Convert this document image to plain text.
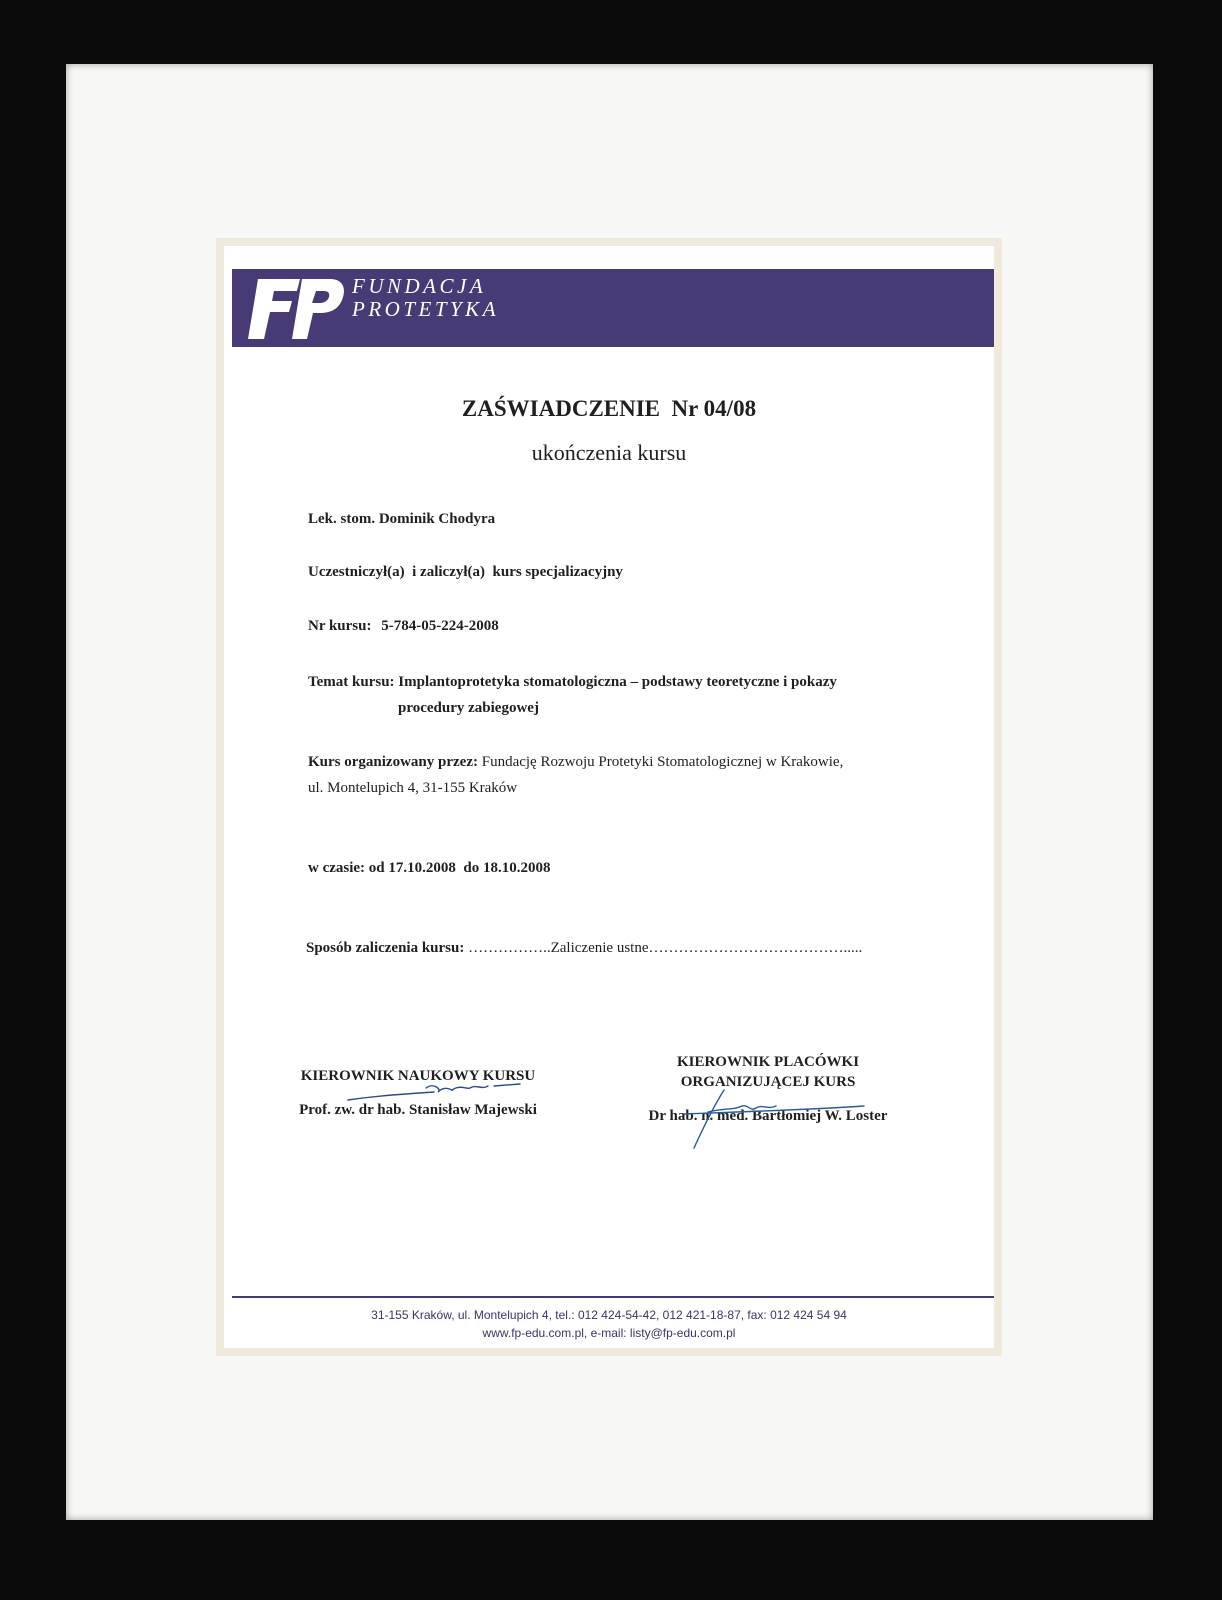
FUNDACJA
PROTETYKA
ZAŚWIADCZENIE  Nr 04/08
ukończenia kursu
Lek. stom. Dominik Chodyra
Uczestniczył(a)  i zaliczył(a)  kurs specjalizacyjny
Nr kursu: 5-784-05-224-2008
Temat kursu: Implantoprotetyka stomatologiczna – podstawy teoretyczne i pokazy
procedury zabiegowej
Kurs organizowany przez: Fundację Rozwoju Protetyki Stomatologicznej w Krakowie,
ul. Montelupich 4, 31-155 Kraków
w czasie: od 17.10.2008  do 18.10.2008
Sposób zaliczenia kursu: ……………..Zaliczenie ustne………………………………….....
KIEROWNIK NAUKOWY KURSU
Prof. zw. dr hab. Stanisław Majewski
KIEROWNIK PLACÓWKI
ORGANIZUJĄCEJ KURS
Dr hab. n. med. Bartłomiej W. Loster
31-155 Kraków, ul. Montelupich 4, tel.: 012 424-54-42, 012 421-18-87, fax: 012 424 54 94
www.fp-edu.com.pl, e-mail: listy@fp-edu.com.pl
